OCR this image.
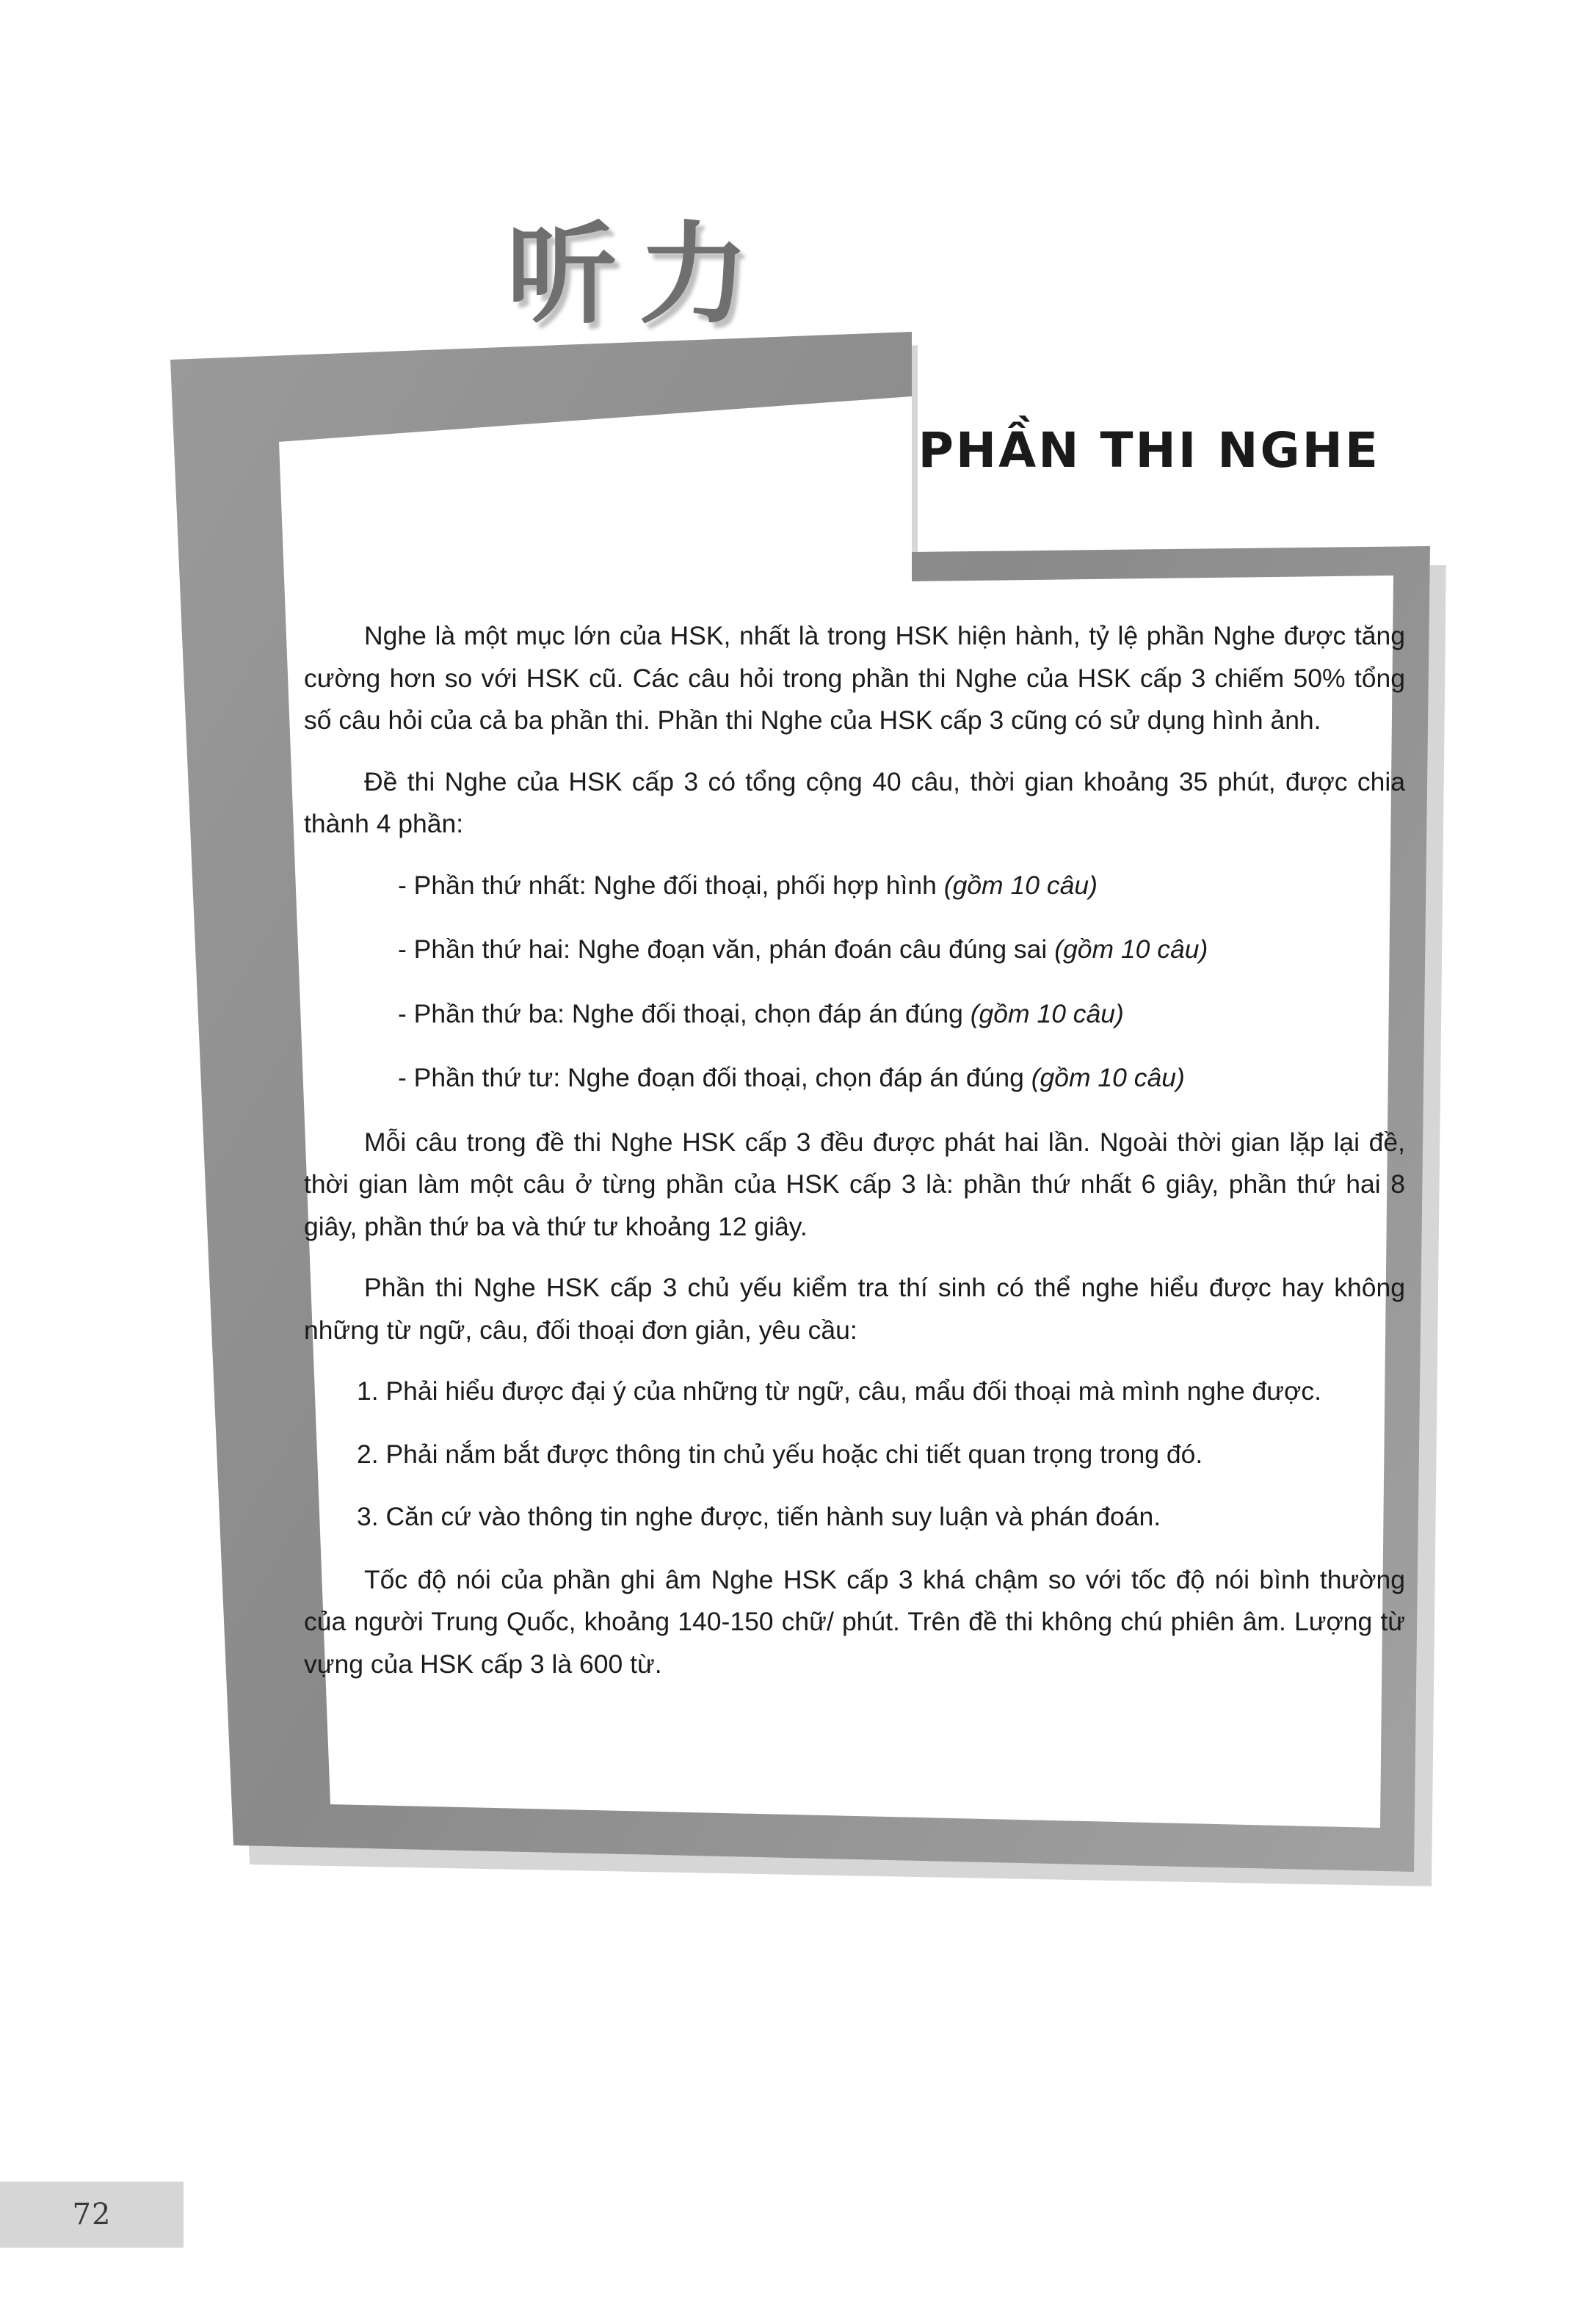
听力
PHẦN THI NGHE

Nghe là một mục lớn của HSK, nhất là trong HSK hiện hành, tỷ lệ phần Nghe được tăng cường hơn so với HSK cũ. Các câu hỏi trong phần thi Nghe của HSK cấp 3 chiếm 50% tổng số câu hỏi của cả ba phần thi. Phần thi Nghe của HSK cấp 3 cũng có sử dụng hình ảnh.

Đề thi Nghe của HSK cấp 3 có tổng cộng 40 câu, thời gian khoảng 35 phút, được chia thành 4 phần:

- Phần thứ nhất: Nghe đối thoại, phối hợp hình (gồm 10 câu)

- Phần thứ hai: Nghe đoạn văn, phán đoán câu đúng sai (gồm 10 câu)

- Phần thứ ba: Nghe đối thoại, chọn đáp án đúng (gồm 10 câu)

- Phần thứ tư: Nghe đoạn đối thoại, chọn đáp án đúng (gồm 10 câu)

Mỗi câu trong đề thi Nghe HSK cấp 3 đều được phát hai lần. Ngoài thời gian lặp lại đề, thời gian làm một câu ở từng phần của HSK cấp 3 là: phần thứ nhất 6 giây, phần thứ hai 8 giây, phần thứ ba và thứ tư khoảng 12 giây.

Phần thi Nghe HSK cấp 3 chủ yếu kiểm tra thí sinh có thể nghe hiểu được hay không những từ ngữ, câu, đối thoại đơn giản, yêu cầu:

1. Phải hiểu được đại ý của những từ ngữ, câu, mẩu đối thoại mà mình nghe được.

2. Phải nắm bắt được thông tin chủ yếu hoặc chi tiết quan trọng trong đó.

3. Căn cứ vào thông tin nghe được, tiến hành suy luận và phán đoán.

Tốc độ nói của phần ghi âm Nghe HSK cấp 3 khá chậm so với tốc độ nói bình thường của người Trung Quốc, khoảng 140-150 chữ/ phút. Trên đề thi không chú phiên âm. Lượng từ vựng của HSK cấp 3 là 600 từ.

72
